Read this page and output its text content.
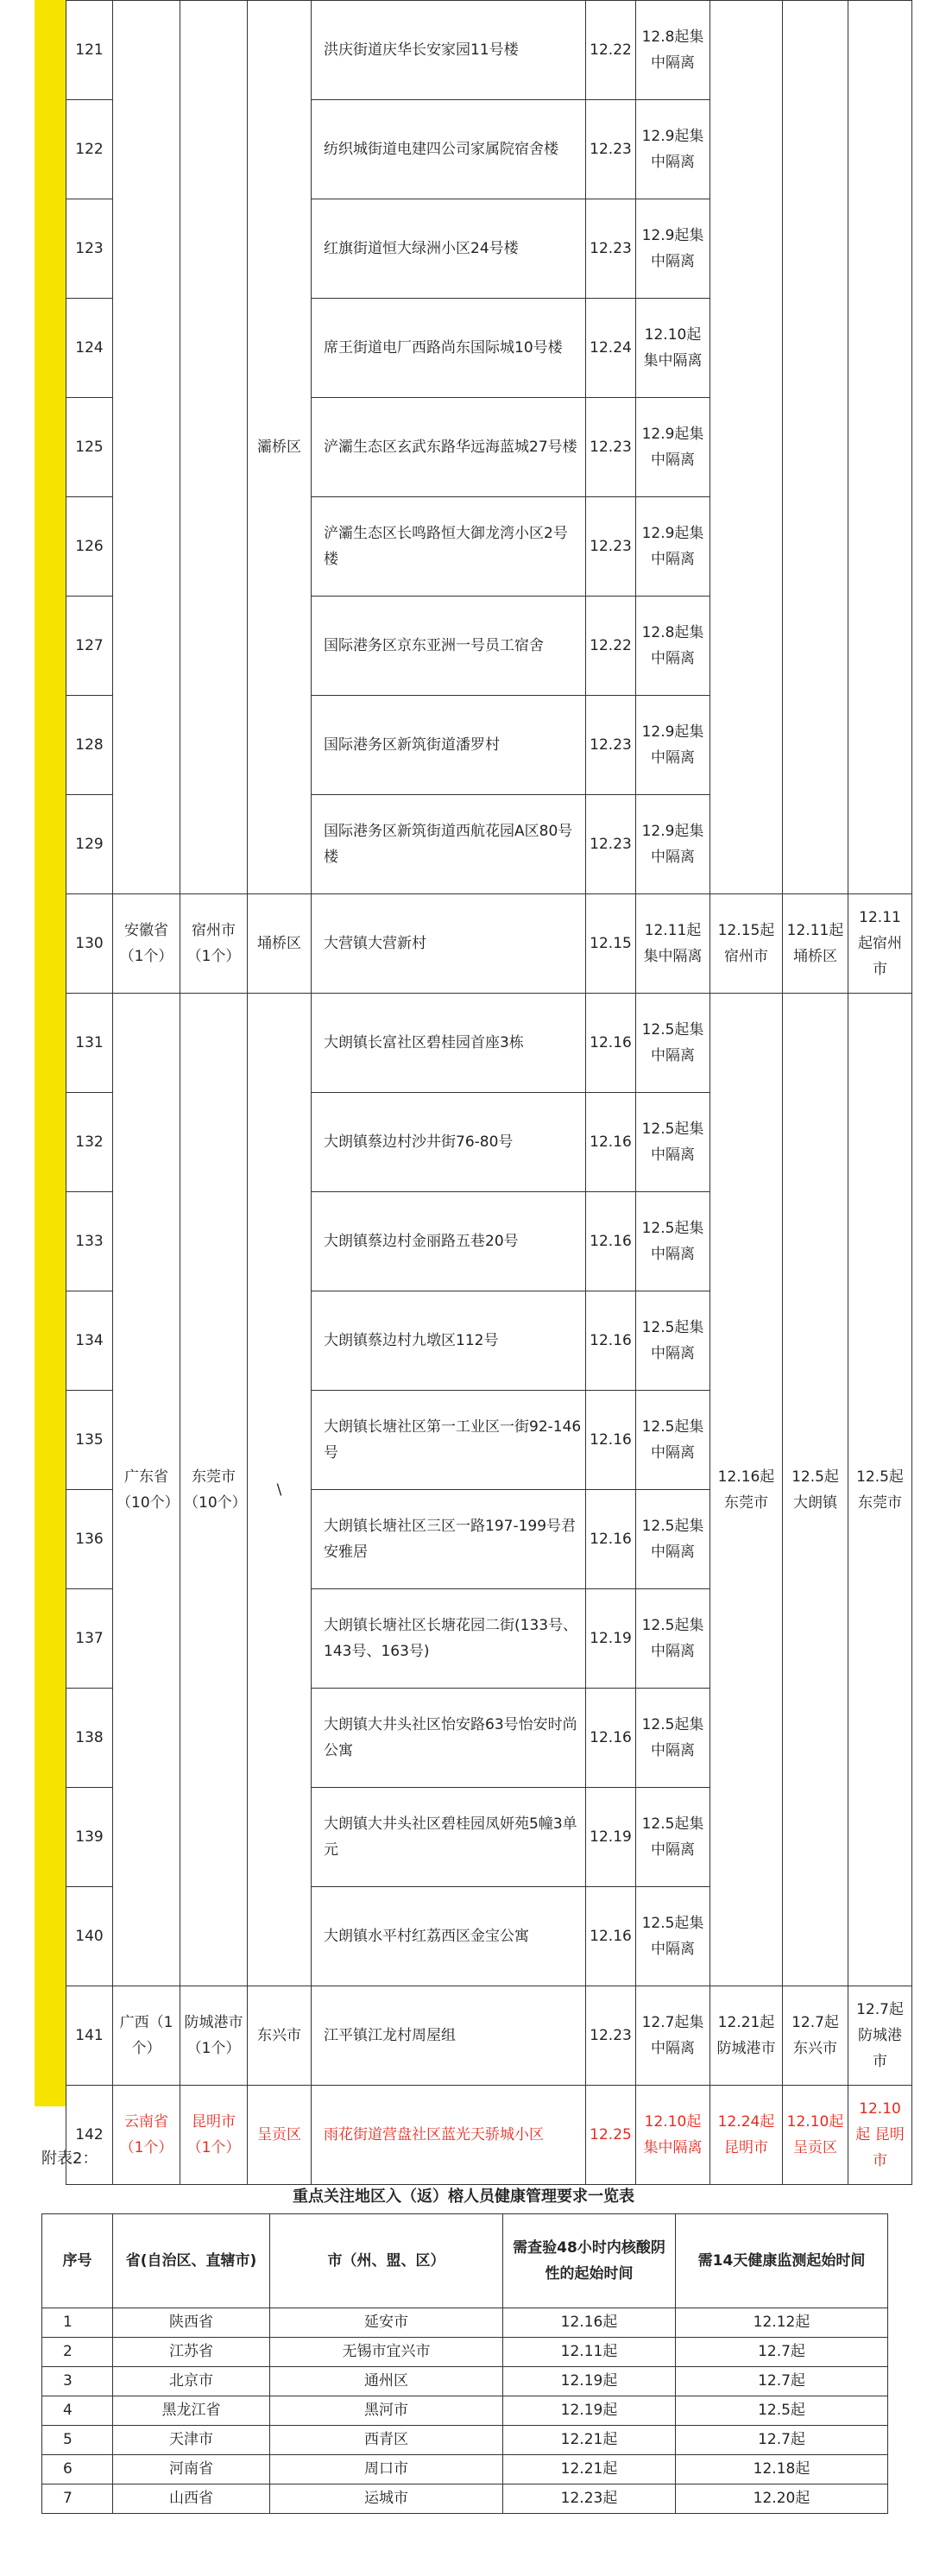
121			灞桥区	洪庆街道庆华长安家园11号楼	12.22	12.8起集中隔离			
122				纺织城街道电建四公司家属院宿舍楼	12.23	12.9起集中隔离			
123				红旗街道恒大绿洲小区24号楼	12.23	12.9起集中隔离			
124				席王街道电厂西路尚东国际城10号楼	12.24	12.10起集中隔离			
125				浐灞生态区玄武东路华远海蓝城27号楼	12.23	12.9起集中隔离			
126				浐灞生态区长鸣路恒大御龙湾小区2号楼	12.23	12.9起集中隔离			
127				国际港务区京东亚洲一号员工宿舍	12.22	12.8起集中隔离			
128				国际港务区新筑街道潘罗村	12.23	12.9起集中隔离			
129				国际港务区新筑街道西航花园A区80号楼	12.23	12.9起集中隔离			
130	安徽省（1个）	宿州市（1个）	埇桥区	大营镇大营新村	12.15	12.11起集中隔离	12.15起宿州市	12.11起埇桥区	12.11起宿州市
131	广东省（10个）	东莞市（10个）	\	大朗镇长富社区碧桂园首座3栋	12.16	12.5起集中隔离	12.16起东莞市	12.5起大朗镇	12.5起东莞市
132				大朗镇蔡边村沙井街76-80号	12.16	12.5起集中隔离			
133				大朗镇蔡边村金丽路五巷20号	12.16	12.5起集中隔离			
134				大朗镇蔡边村九墩区112号	12.16	12.5起集中隔离			
135				大朗镇长塘社区第一工业区一街92-146号	12.16	12.5起集中隔离			
136				大朗镇长塘社区三区一路197-199号君安雅居	12.16	12.5起集中隔离			
137				大朗镇长塘社区长塘花园二街(133号、143号、163号)	12.19	12.5起集中隔离			
138				大朗镇大井头社区怡安路63号怡安时尚公寓	12.16	12.5起集中隔离			
139				大朗镇大井头社区碧桂园凤妍苑5幢3单元	12.19	12.5起集中隔离			
140				大朗镇水平村红荔西区金宝公寓	12.16	12.5起集中隔离			
141	广西（1个）	防城港市（1个）	东兴市	江平镇江龙村周屋组	12.23	12.7起集中隔离	12.21起防城港市	12.7起东兴市	12.7起防城港市
142	云南省（1个）	昆明市（1个）	呈贡区	雨花街道营盘社区蓝光天骄城小区	12.25	12.10起集中隔离	12.24起昆明市	12.10起呈贡区	12.10起 昆明市
附表2：
重点关注地区入（返）榕人员健康管理要求一览表
序号	省(自治区、直辖市)	市（州、盟、区）	需查验48小时内核酸阴性的起始时间	需14天健康监测起始时间
1	陕西省	延安市	12.16起	12.12起
2	江苏省	无锡市宜兴市	12.11起	12.7起
3	北京市	通州区	12.19起	12.7起
4	黑龙江省	黑河市	12.19起	12.5起
5	天津市	西青区	12.21起	12.7起
6	河南省	周口市	12.21起	12.18起
7	山西省	运城市	12.23起	12.20起
